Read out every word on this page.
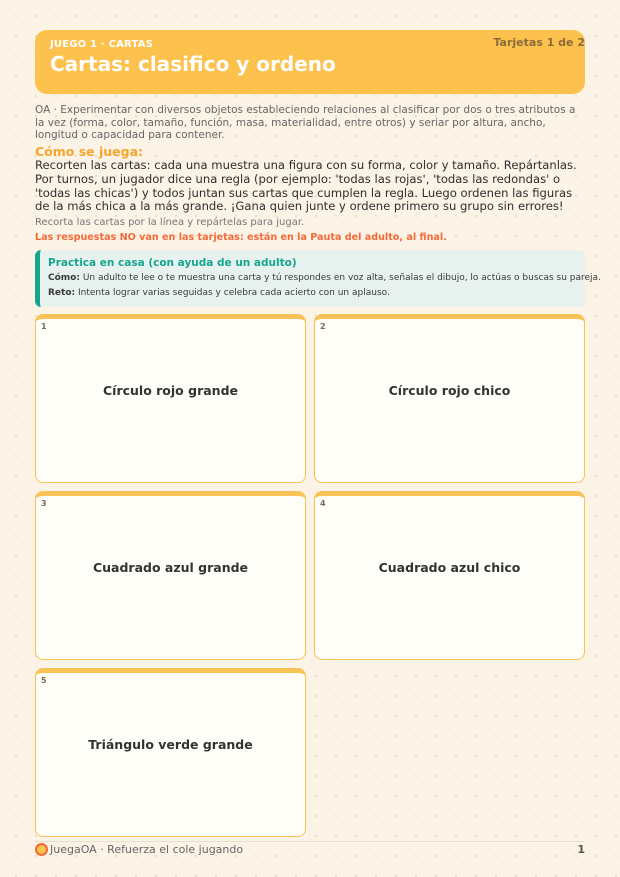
JUEGO 1 · CARTAS
Cartas: clasifico y ordeno
Tarjetas 1 de 2
OA · Experimentar con diversos objetos estableciendo relaciones al clasificar por dos o tres atributos a la vez (forma, color, tamaño, función, masa, materialidad, entre otros) y seriar por altura, ancho, longitud o capacidad para contener.
Cómo se juega:
Recorten las cartas: cada una muestra una figura con su forma, color y tamaño. Repártanlas. Por turnos, un jugador dice una regla (por ejemplo: 'todas las rojas', 'todas las redondas' o 'todas las chicas') y todos juntan sus cartas que cumplen la regla. Luego ordenen las figuras de la más chica a la más grande. ¡Gana quien junte y ordene primero su grupo sin errores!
Recorta las cartas por la línea y repártelas para jugar.
Las respuestas NO van en las tarjetas: están en la Pauta del adulto, al final.
Practica en casa (con ayuda de un adulto)
Cómo: Un adulto te lee o te muestra una carta y tú respondes en voz alta, señalas el dibujo, lo actúas o buscas su pareja.
Reto: Intenta lograr varias seguidas y celebra cada acierto con un aplauso.
1
Círculo rojo grande
2
Círculo rojo chico
3
Cuadrado azul grande
4
Cuadrado azul chico
5
Triángulo verde grande
JuegaOA · Refuerza el cole jugando	1
